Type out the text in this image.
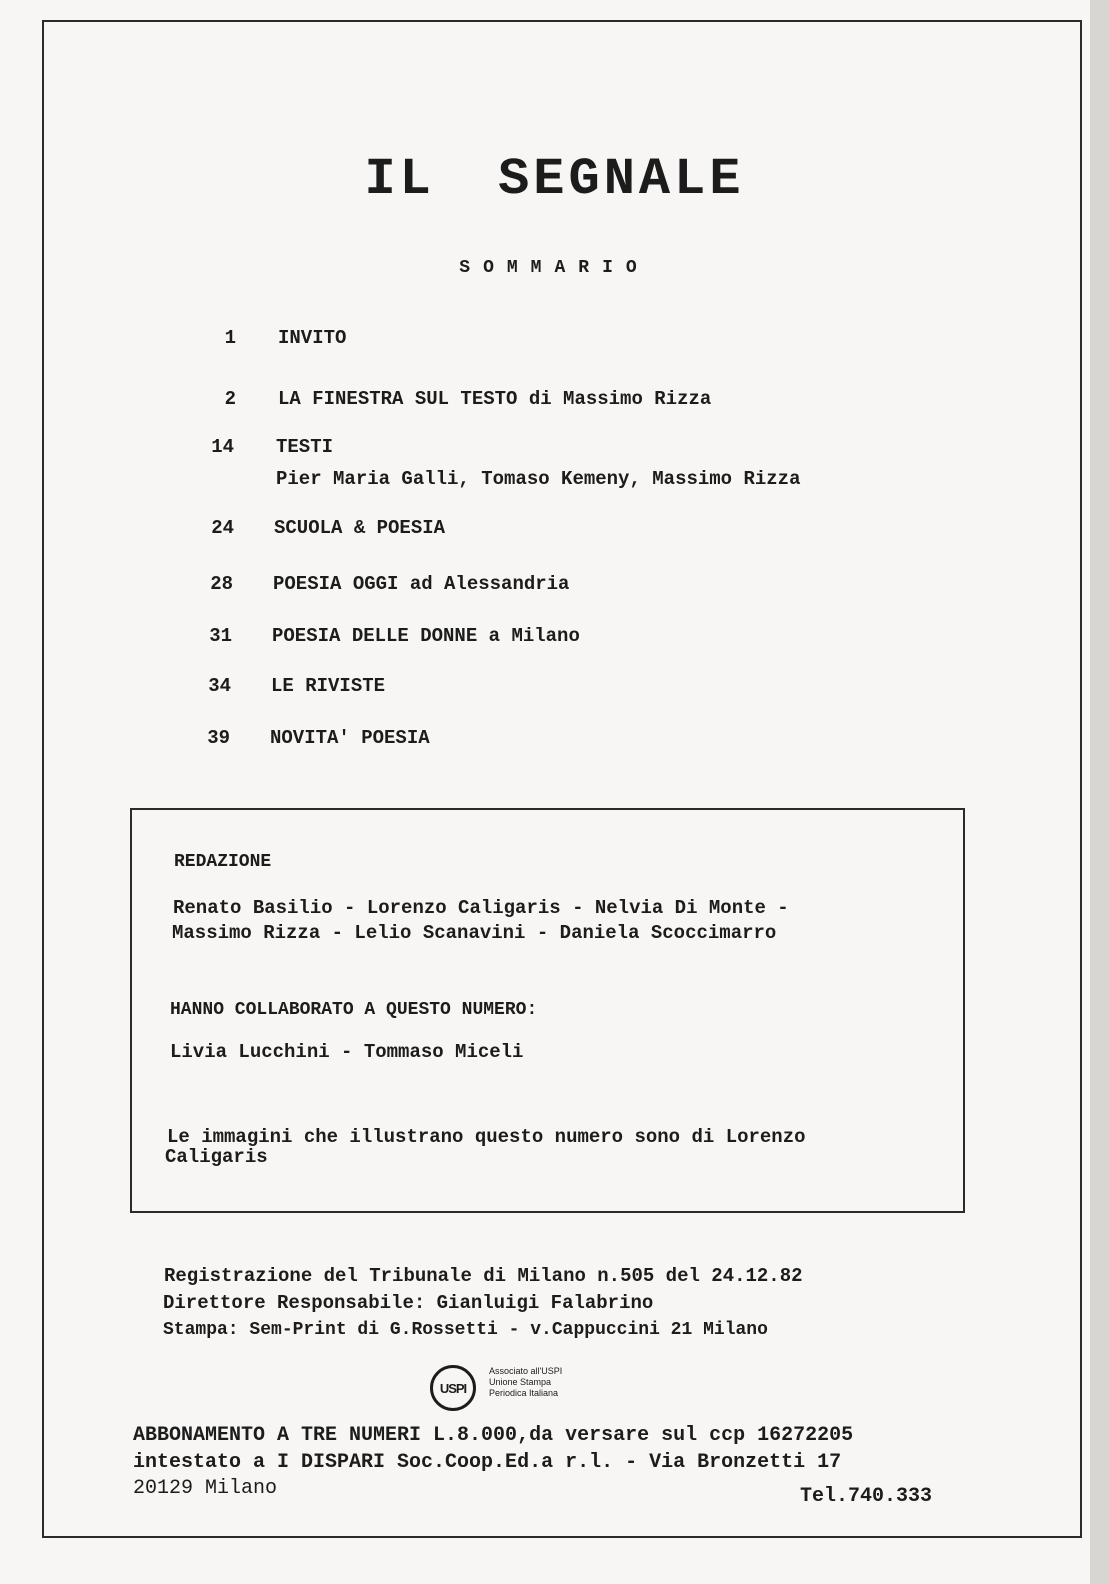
IL SEGNALE
SOMMARIO
1 INVITO
2 LA FINESTRA SUL TESTO di Massimo Rizza
14 TESTI
Pier Maria Galli, Tomaso Kemeny, Massimo Rizza
24 SCUOLA & POESIA
28 POESIA OGGI ad Alessandria
31 POESIA DELLE DONNE a Milano
34 LE RIVISTE
39 NOVITA' POESIA
REDAZIONE
Renato Basilio - Lorenzo Caligaris - Nelvia Di Monte -
Massimo Rizza - Lelio Scanavini - Daniela Scoccimarro
HANNO COLLABORATO A QUESTO NUMERO:
Livia Lucchini - Tommaso Miceli
Le immagini che illustrano questo numero sono di Lorenzo
Caligaris
Registrazione del Tribunale di Milano n.505 del 24.12.82
Direttore Responsabile: Gianluigi Falabrino
Stampa: Sem-Print di G.Rossetti - v.Cappuccini 21 Milano
USPI
Associato all'USPI
Unione Stampa
Periodica Italiana
ABBONAMENTO A TRE NUMERI L.8.000,da versare sul ccp 16272205
intestato a I DISPARI Soc.Coop.Ed.a r.l. - Via Bronzetti 17
20129 Milano	Tel.740.333
